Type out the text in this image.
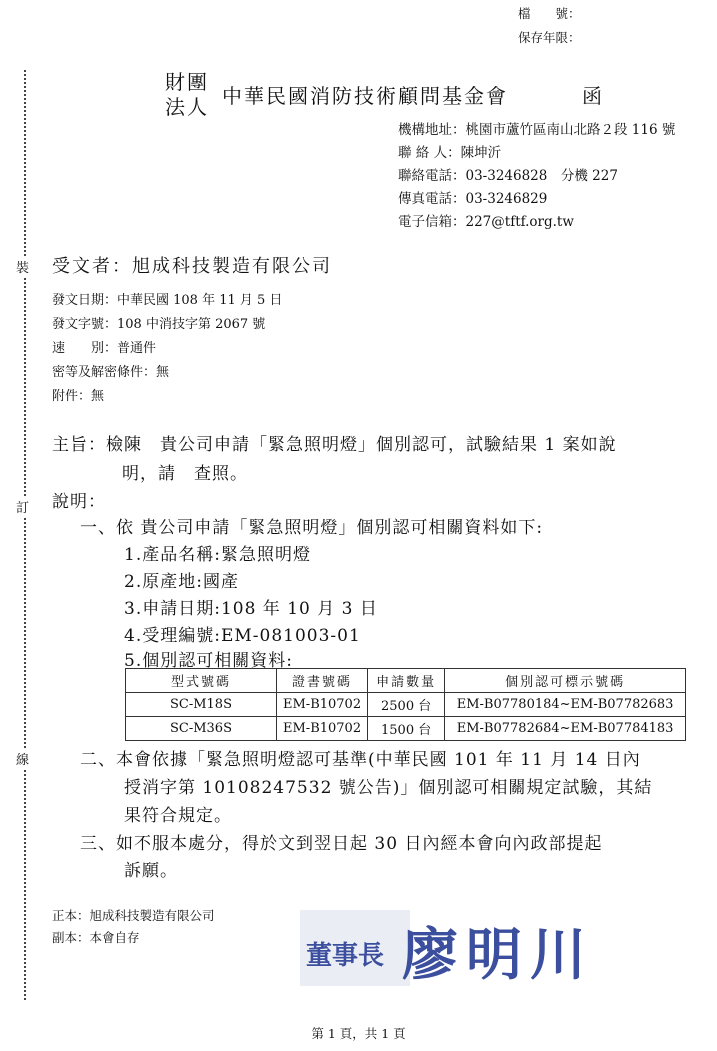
裝
訂
線
檔　　號：
保存年限：
財團
法人 中華民國消防技術顧問基金會	函
機構地址：桃園市蘆竹區南山北路２段 116 號
聯 絡 人：陳坤沂
聯絡電話：03-3246828　分機 227
傳真電話：03-3246829
電子信箱：227@tftf.org.tw
受文者：旭成科技製造有限公司
發文日期：中華民國 108 年 11 月 5 日
發文字號：108 中消技字第 2067 號
速　　別：普通件
密等及解密條件：無
附件：無
主旨：檢陳　貴公司申請「緊急照明燈」個別認可，試驗結果 1 案如說
明，請　查照。
說明：
一、依 貴公司申請「緊急照明燈」個別認可相關資料如下:
1.產品名稱:緊急照明燈
2.原產地:國產
3.申請日期:108 年 10 月 3 日
4.受理編號:EM-081003-01
5.個別認可相關資料:
型式號碼	證書號碼	申請數量	個別認可標示號碼
SC-M18S	EM-B10702	2500 台	EM-B07780184~EM-B07782683
SC-M36S	EM-B10702	1500 台	EM-B07782684~EM-B07784183
二、本會依據「緊急照明燈認可基準(中華民國 101 年 11 月 14 日內
授消字第 10108247532 號公告)」個別認可相關規定試驗，其結
果符合規定。
三、如不服本處分，得於文到翌日起 30 日內經本會向內政部提起
訴願。
正本：旭成科技製造有限公司
副本：本會自存
董事長 廖明川
第 1 頁，共 1 頁
